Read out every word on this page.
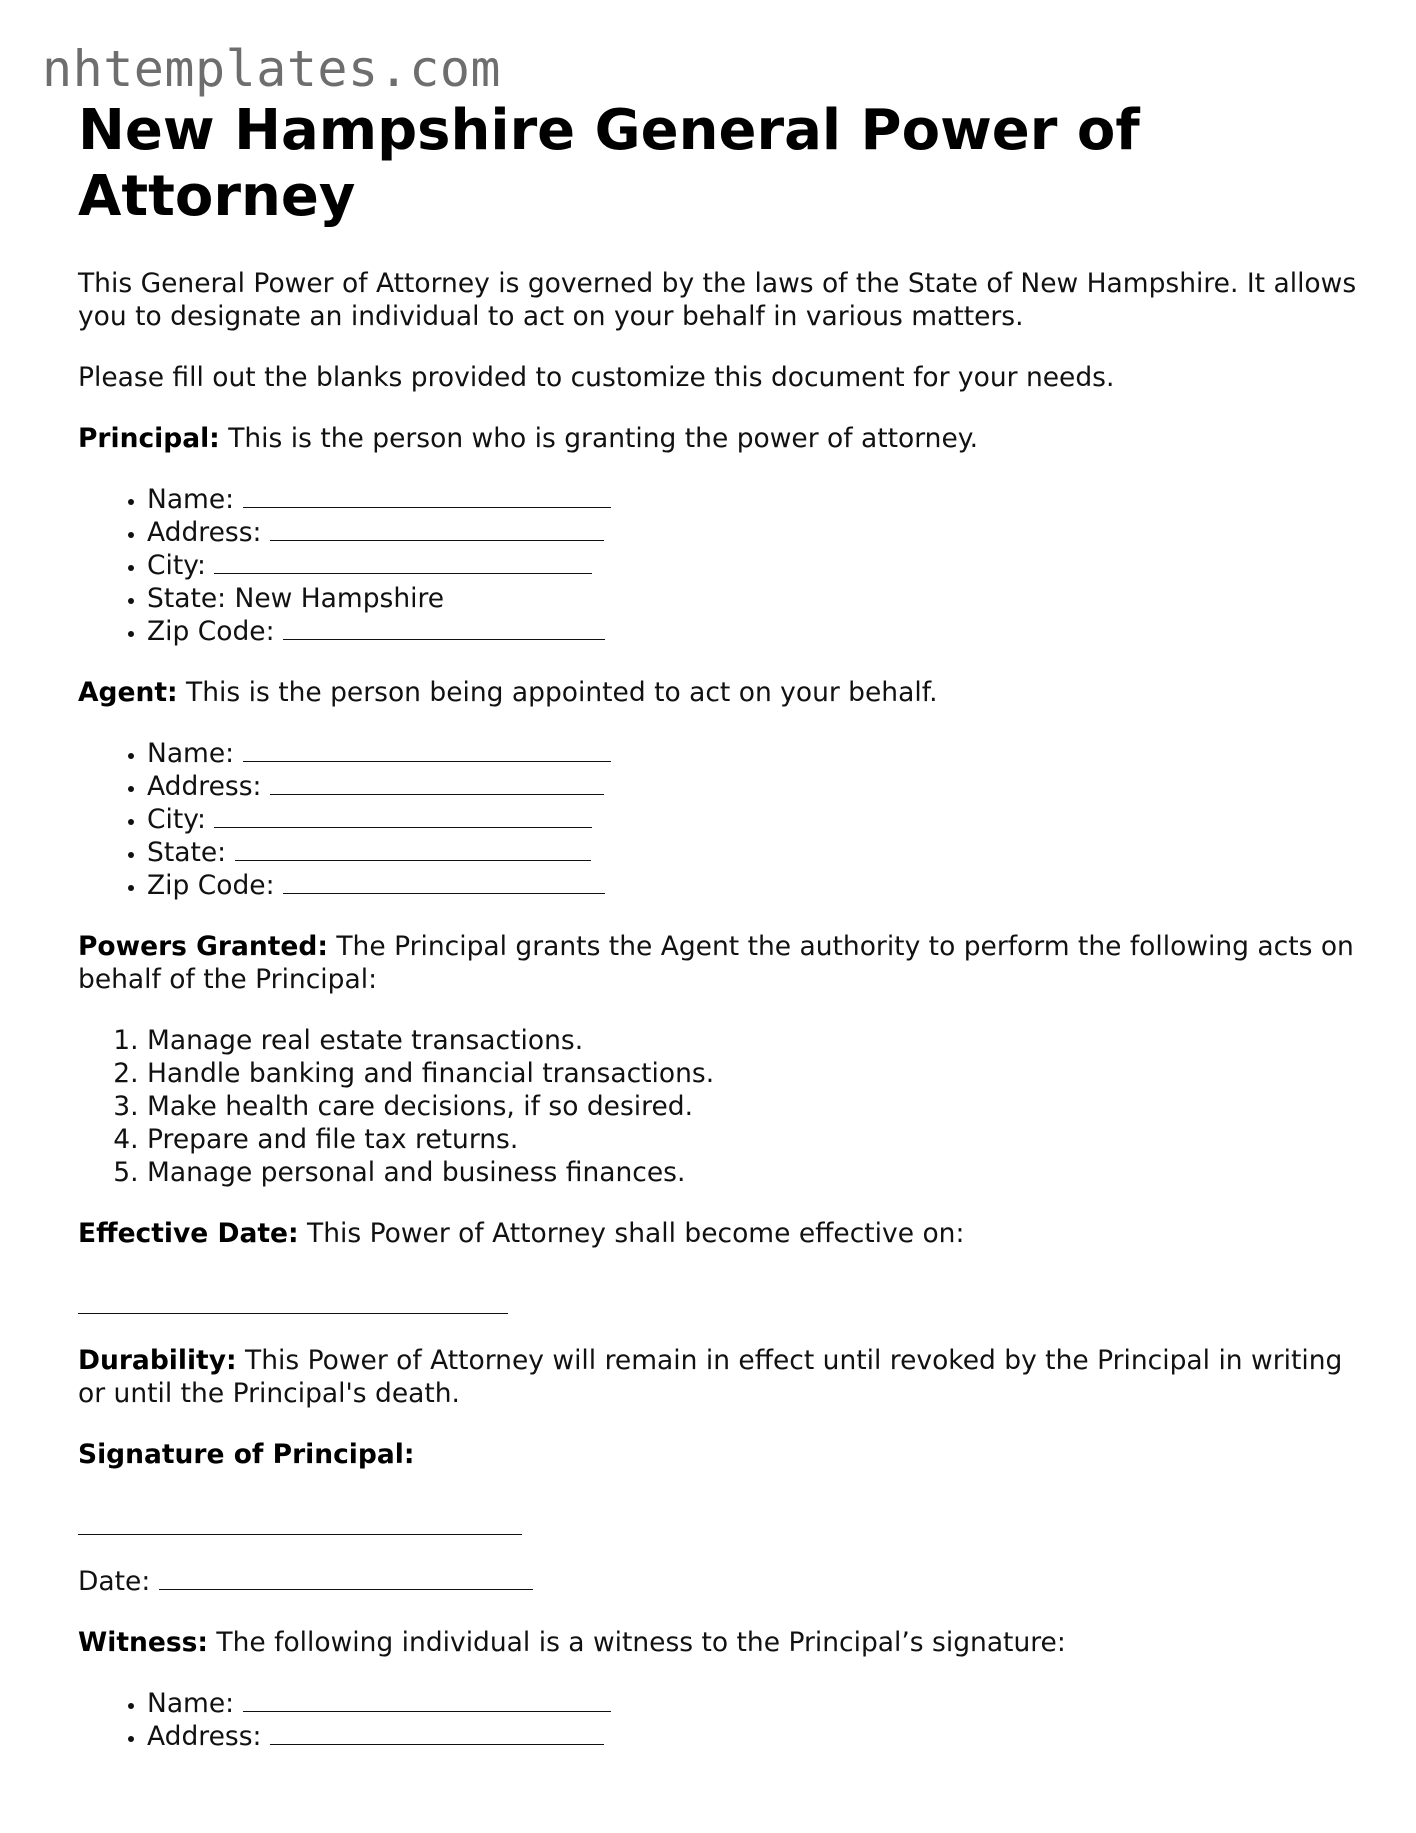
nhtemplates.com
New Hampshire General Power of Attorney

This General Power of Attorney is governed by the laws of the State of New Hampshire. It allows you to designate an individual to act on your behalf in various matters.

Please fill out the blanks provided to customize this document for your needs.

Principal: This is the person who is granting the power of attorney.

• Name:
• Address:
• City:
• State: New Hampshire
• Zip Code:

Agent: This is the person being appointed to act on your behalf.

• Name:
• Address:
• City:
• State:
• Zip Code:

Powers Granted: The Principal grants the Agent the authority to perform the following acts on behalf of the Principal:

1. Manage real estate transactions.
2. Handle banking and financial transactions.
3. Make health care decisions, if so desired.
4. Prepare and file tax returns.
5. Manage personal and business finances.

Effective Date: This Power of Attorney shall become effective on:

Durability: This Power of Attorney will remain in effect until revoked by the Principal in writing or until the Principal's death.

Signature of Principal:

Date:

Witness: The following individual is a witness to the Principal’s signature:

• Name:
• Address:
